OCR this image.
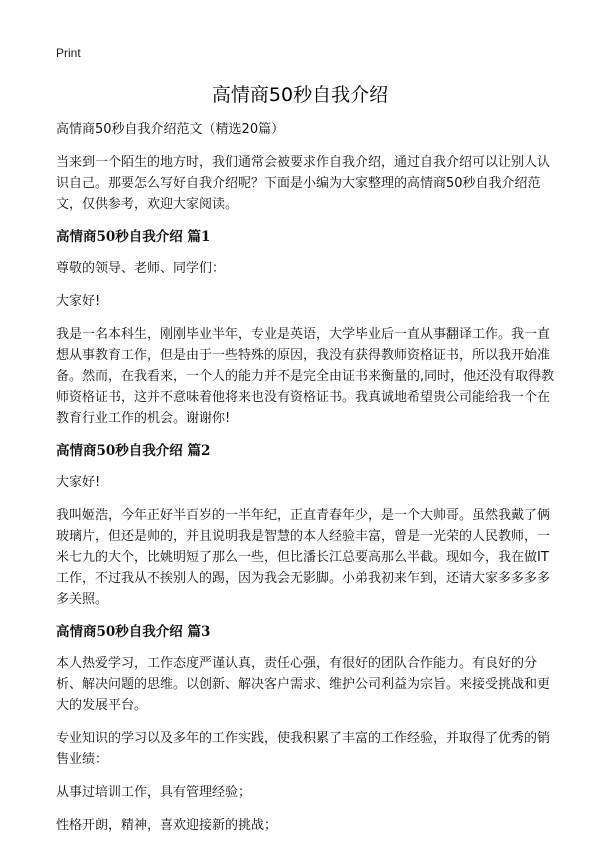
Print
高情商50秒自我介绍

高情商50秒自我介绍范文（精选20篇）

当来到一个陌生的地方时，我们通常会被要求作自我介绍，通过自我介绍可以让别人认识自己。那要怎么写好自我介绍呢？下面是小编为大家整理的高情商50秒自我介绍范文，仅供参考，欢迎大家阅读。

高情商50秒自我介绍 篇1

尊敬的领导、老师、同学们：

大家好!

我是一名本科生，刚刚毕业半年，专业是英语，大学毕业后一直从事翻译工作。我一直想从事教育工作，但是由于一些特殊的原因，我没有获得教师资格证书，所以我开始准备。然而，在我看来，一个人的能力并不是完全由证书来衡量的,同时，他还没有取得教师资格证书，这并不意味着他将来也没有资格证书。我真诚地希望贵公司能给我一个在教育行业工作的机会。谢谢你!

高情商50秒自我介绍 篇2

大家好!

我叫姬浩，今年正好半百岁的一半年纪，正直青春年少，是一个大帅哥。虽然我戴了俩玻璃片，但还是帅的，并且说明我是智慧的本人经验丰富，曾是一光荣的人民教师，一米七九的大个，比姚明短了那么一些，但比潘长江总要高那么半截。现如今，我在做IT工作，不过我从不挨别人的踢，因为我会无影脚。小弟我初来乍到，还请大家多多多多多关照。

高情商50秒自我介绍 篇3

本人热爱学习，工作态度严谨认真，责任心强，有很好的团队合作能力。有良好的分析、解决问题的思维。以创新、解决客户需求、维护公司利益为宗旨。来接受挑战和更大的发展平台。

专业知识的学习以及多年的工作实践，使我积累了丰富的工作经验，并取得了优秀的销售业绩：

从事过培训工作，具有管理经验；

性格开朗，精神，喜欢迎接新的挑战；
